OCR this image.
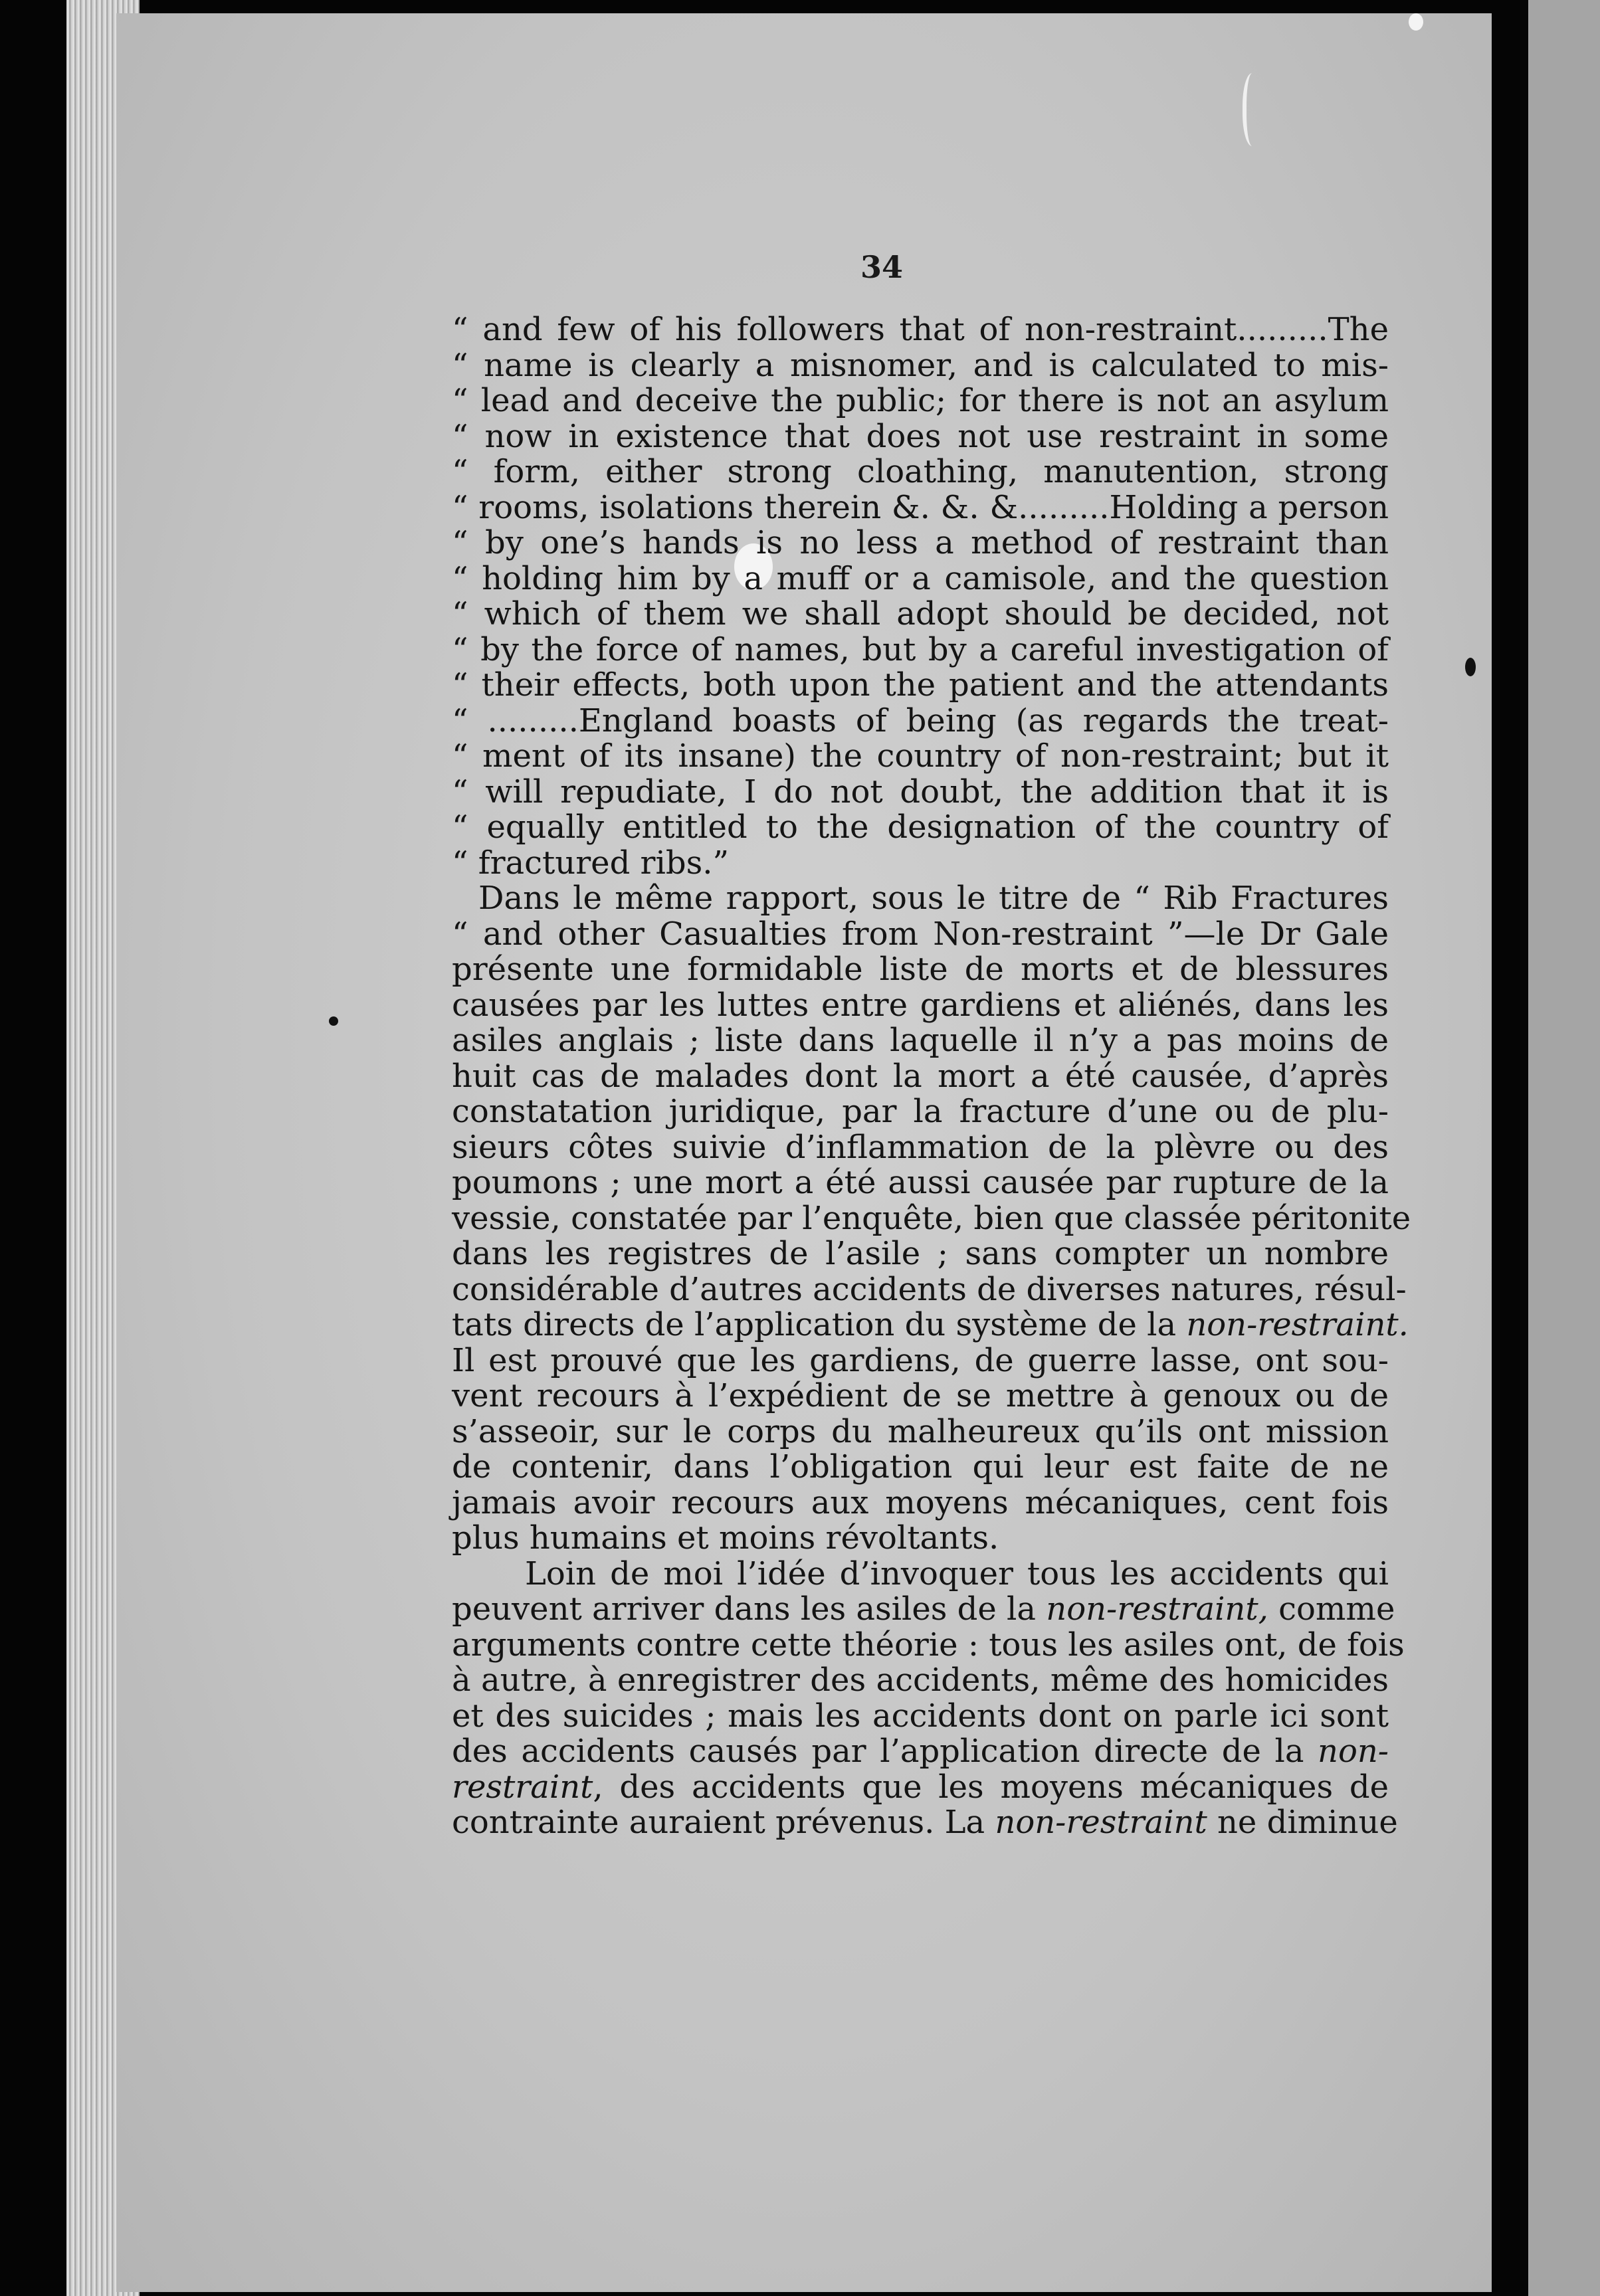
34
“ and few of his followers that of non-restraint.........The
“ name is clearly a misnomer, and is calculated to mis-
“ lead and deceive the public; for there is not an asylum
“ now in existence that does not use restraint in some
“ form, either strong cloathing, manutention, strong
“ rooms, isolations therein &. &. &.........Holding a person
“ by one’s hands is no less a method of restraint than
“ holding him by a muff or a camisole, and the question
“ which of them we shall adopt should be decided, not
“ by the force of names, but by a careful investigation of
“ their effects, both upon the patient and the attendants
“ .........England boasts of being (as regards the treat-
“ ment of its insane) the country of non-restraint; but it
“ will repudiate, I do not doubt, the addition that it is
“ equally entitled to the designation of the country of
“ fractured ribs.”
Dans le même rapport, sous le titre de “ Rib Fractures
“ and other Casualties from Non-restraint ”—le Dr Gale
présente une formidable liste de morts et de blessures
causées par les luttes entre gardiens et aliénés, dans les
asiles anglais ; liste dans laquelle il n’y a pas moins de
huit cas de malades dont la mort a été causée, d’après
constatation juridique, par la fracture d’une ou de plu-
sieurs côtes suivie d’inflammation de la plèvre ou des
poumons ; une mort a été aussi causée par rupture de la
vessie, constatée par l’enquête, bien que classée péritonite
dans les registres de l’asile ; sans compter un nombre
considérable d’autres accidents de diverses natures, résul-
tats directs de l’application du système de la non-restraint.
Il est prouvé que les gardiens, de guerre lasse, ont sou-
vent recours à l’expédient de se mettre à genoux ou de
s’asseoir, sur le corps du malheureux qu’ils ont mission
de contenir, dans l’obligation qui leur est faite de ne
jamais avoir recours aux moyens mécaniques, cent fois
plus humains et moins révoltants.
Loin de moi l’idée d’invoquer tous les accidents qui
peuvent arriver dans les asiles de la non-restraint, comme
arguments contre cette théorie : tous les asiles ont, de fois
à autre, à enregistrer des accidents, même des homicides
et des suicides ; mais les accidents dont on parle ici sont
des accidents causés par l’application directe de la non-
restraint, des accidents que les moyens mécaniques de
contrainte auraient prévenus. La non-restraint ne diminue
